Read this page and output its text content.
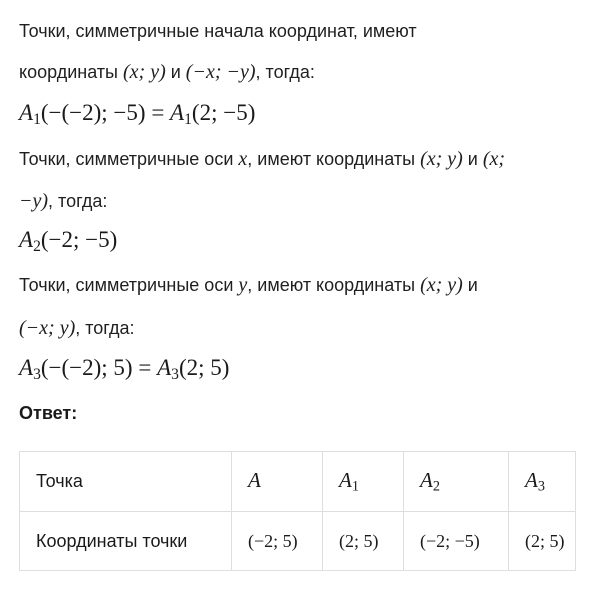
Точки, симметричные начала координат, имеют
координаты (x; y) и (−x; −y), тогда:
$A_1(-(-2)$; $-5) = A_1(2$; −5)
Точки, симметричные оси x, имеют координаты (x; y) и (x;
−y), тогда:
$A_2(-2$; −5)
Точки, симметричные оси y, имеют координаты (x; y) и
(−x; y), тогда:
$A_3(-(-2)$; $5) = A_3(2$; 5)
Ответ:
Точка	A	$A_1$	$A_2$	$A_3$
Координаты точки	(−2; 5)	(2; 5)	(−2; −5)	(2; 5)
